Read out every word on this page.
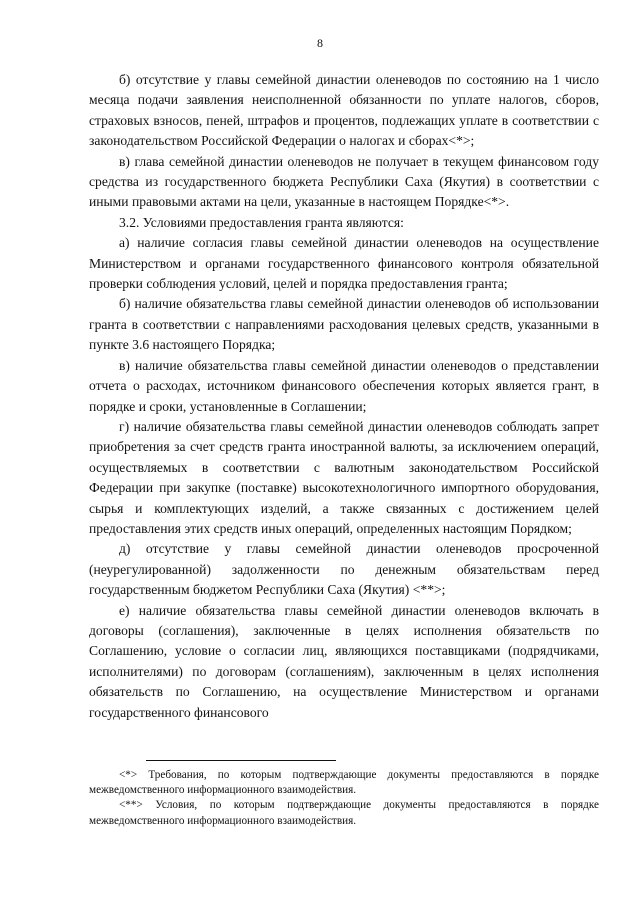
8

б) отсутствие у главы семейной династии оленеводов по состоянию на 1 число месяца подачи заявления неисполненной обязанности по уплате налогов, сборов, страховых взносов, пеней, штрафов и процентов, подлежащих уплате в соответствии с законодательством Российской Федерации о налогах и сборах<*>;

в) глава семейной династии оленеводов не получает в текущем финансовом году средства из государственного бюджета Республики Саха (Якутия) в соответствии с иными правовыми актами на цели, указанные в настоящем Порядке<*>.

3.2. Условиями предоставления гранта являются:

а) наличие согласия главы семейной династии оленеводов на осуществление Министерством и органами государственного финансового контроля обязательной проверки соблюдения условий, целей и порядка предоставления гранта;

б) наличие обязательства главы семейной династии оленеводов об использовании гранта в соответствии с направлениями расходования целевых средств, указанными в пункте 3.6 настоящего Порядка;

в) наличие обязательства главы семейной династии оленеводов о представлении отчета о расходах, источником финансового обеспечения которых является грант, в порядке и сроки, установленные в Соглашении;

г) наличие обязательства главы семейной династии оленеводов соблюдать запрет приобретения за счет средств гранта иностранной валюты, за исключением операций, осуществляемых в соответствии с валютным законодательством Российской Федерации при закупке (поставке) высокотехнологичного импортного оборудования, сырья и комплектующих изделий, а также связанных с достижением целей предоставления этих средств иных операций, определенных настоящим Порядком;

д) отсутствие у главы семейной династии оленеводов просроченной (неурегулированной) задолженности по денежным обязательствам перед государственным бюджетом Республики Саха (Якутия) <**>;

е) наличие обязательства главы семейной династии оленеводов включать в договоры (соглашения), заключенные в целях исполнения обязательств по Соглашению, условие о согласии лиц, являющихся поставщиками (подрядчиками, исполнителями) по договорам (соглашениям), заключенным в целях исполнения обязательств по Соглашению, на осуществление Министерством и органами государственного финансового

<*> Требования, по которым подтверждающие документы предоставляются в порядке межведомственного информационного взаимодействия.

<**> Условия, по которым подтверждающие документы предоставляются в порядке межведомственного информационного взаимодействия.
